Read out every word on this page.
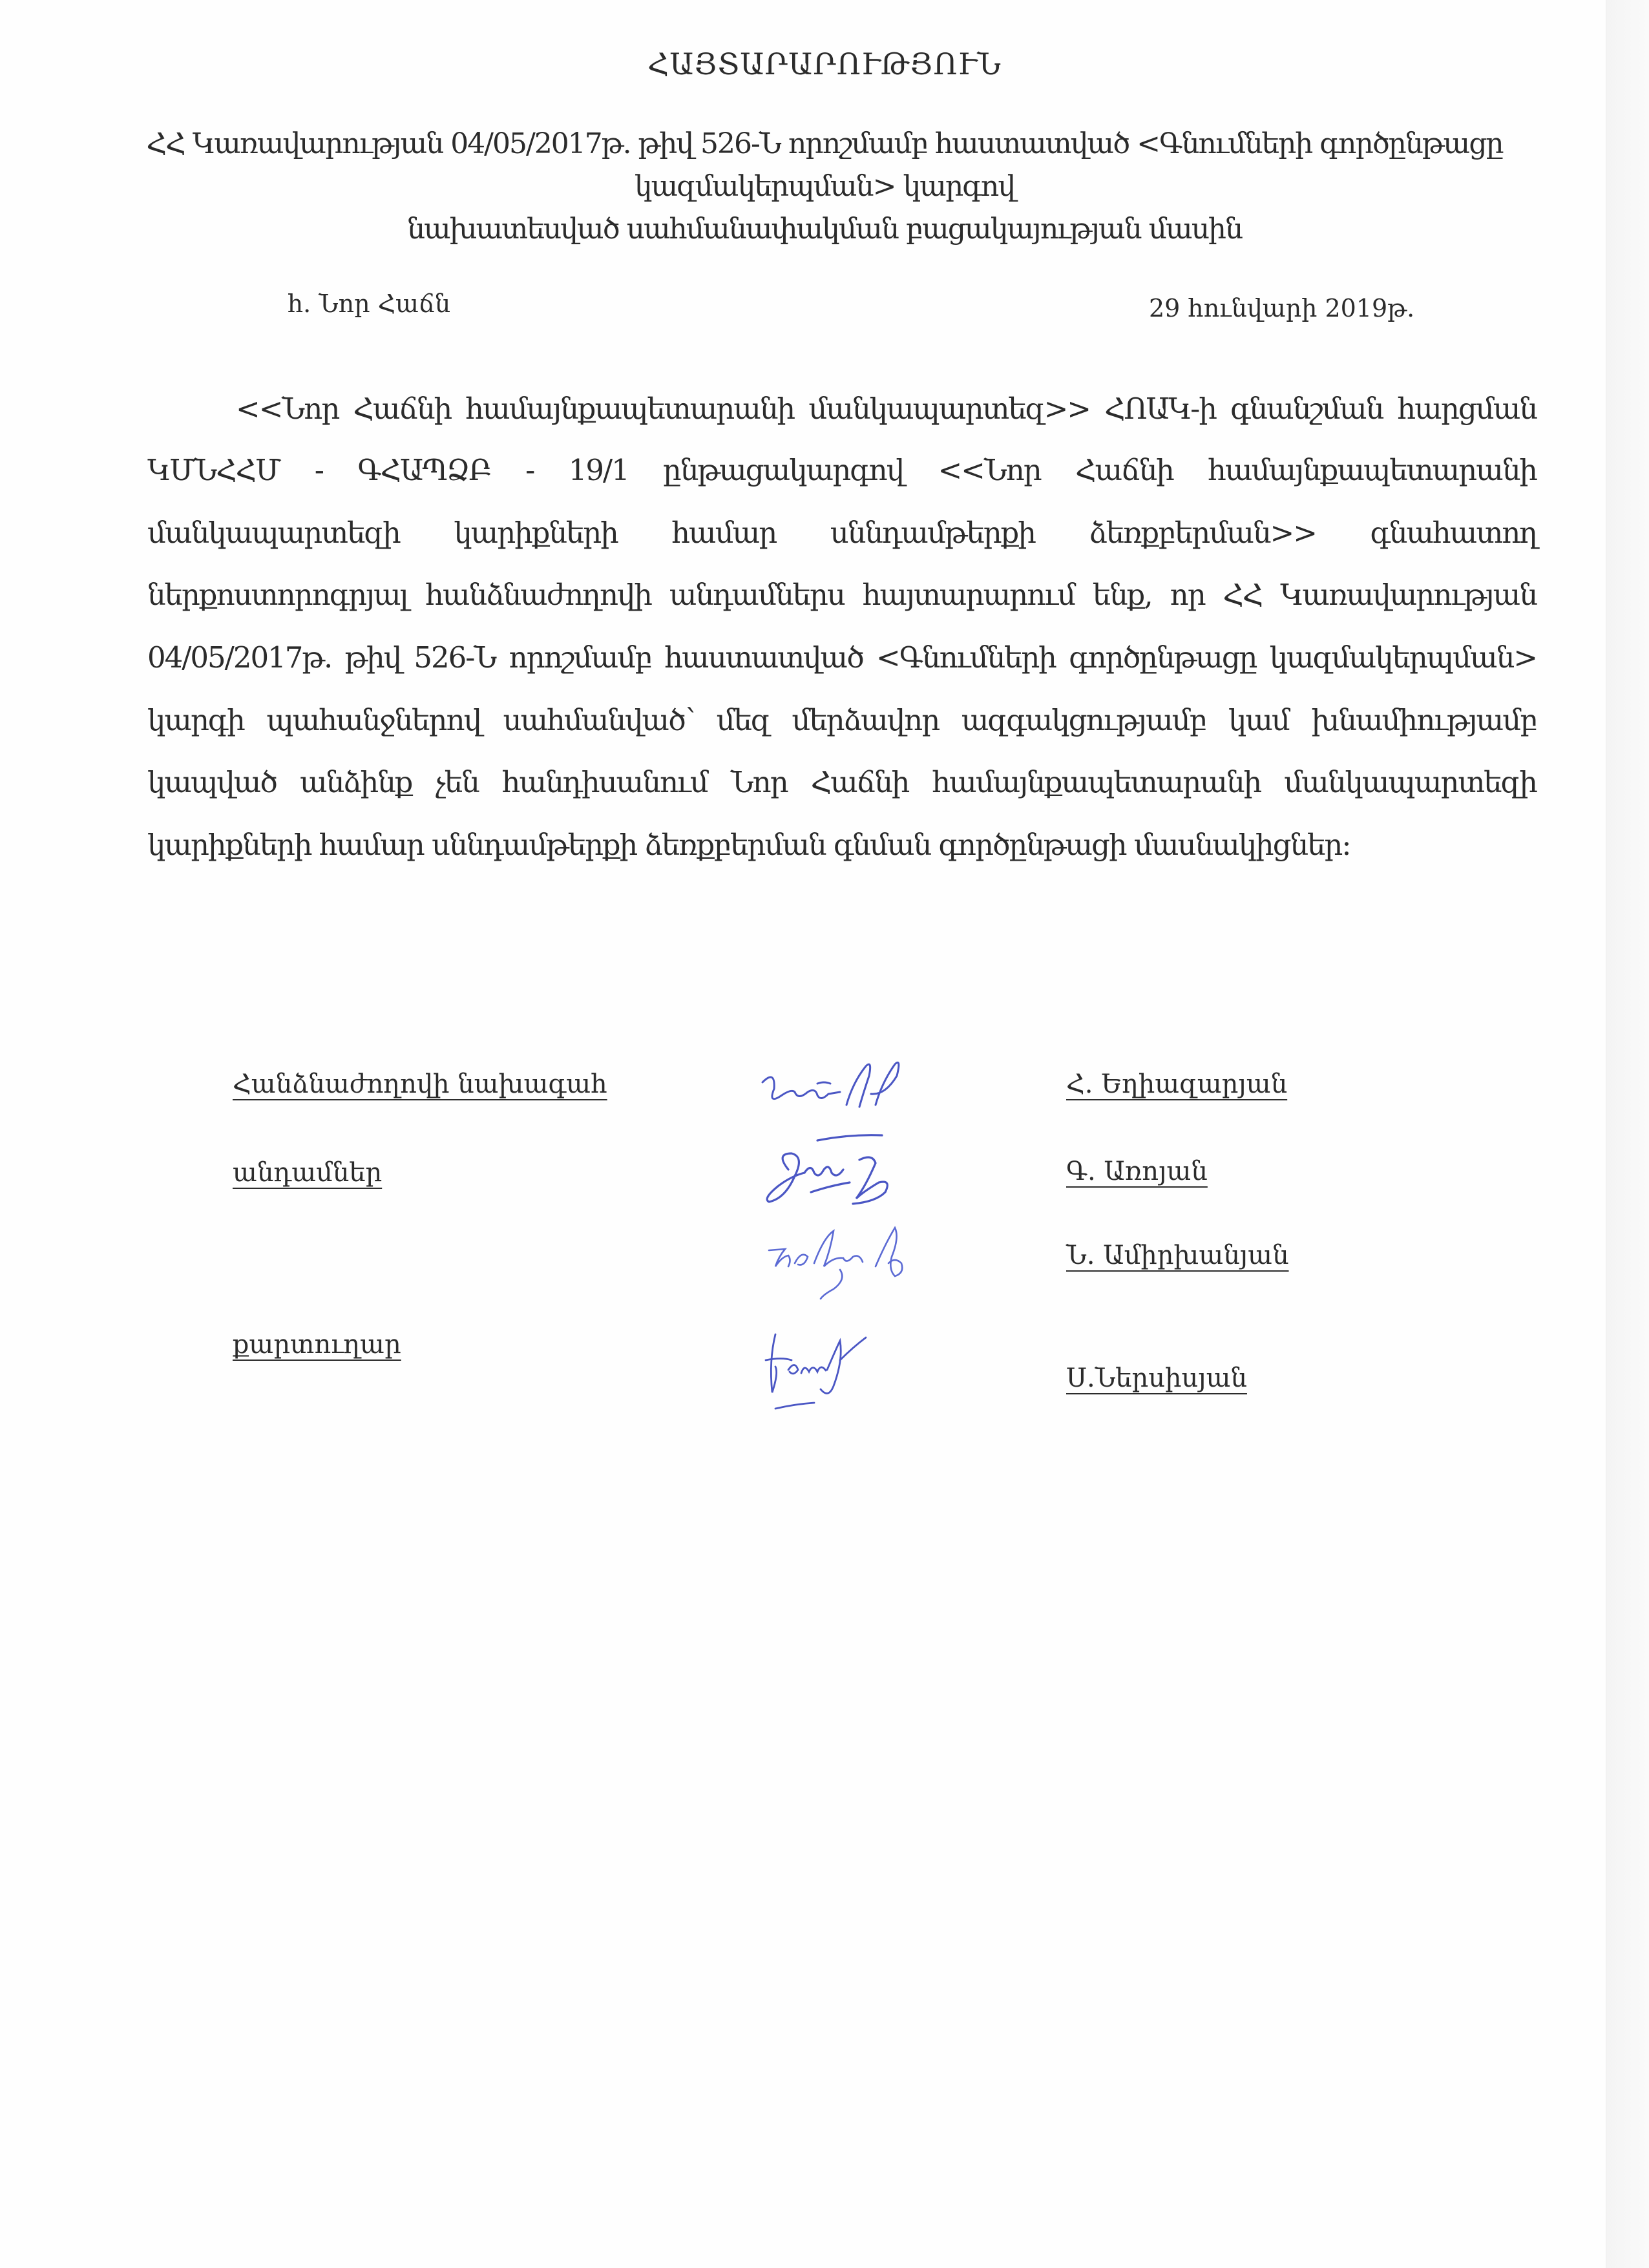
ՀԱՅՏԱՐԱՐՈՒԹՅՈՒՆ
ՀՀ Կառավարության 04/05/2017թ. թիվ 526-Ն որոշմամբ հաստատված <Գնումների գործընթացը
կազմակերպման> կարգով
նախատեսված սահմանափակման բացակայության մասին
հ. Նոր Հաճն	29 հունվարի 2019թ.
<<Նոր Հաճնի համայնքապետարանի մանկապարտեզ>> ՀՈԱԿ-ի գնանշման հարցման
ԿՄՆՀՀՄ - ԳՀԱՊՁԲ - 19/1 ընթացակարգով <<Նոր Հաճնի համայնքապետարանի
մանկապարտեզի կարիքների համար սննդամթերքի ձեռքբերման>> գնահատող
ներքոստորոգրյալ հանձնաժողովի անդամներս հայտարարում ենք, որ ՀՀ Կառավարության
04/05/2017թ. թիվ 526-Ն որոշմամբ հաստատված <Գնումների գործընթացը կազմակերպման>
կարգի պահանջներով սահմանված՝ մեզ մերձավոր ազգակցությամբ կամ խնամիությամբ
կապված անձինք չեն հանդիսանում Նոր Հաճնի համայնքապետարանի մանկապարտեզի
կարիքների համար սննդամթերքի ձեռքբերման գնման գործընթացի մասնակիցներ:
Հանձնաժողովի նախագահ
անդամներ
քարտուղար
Հ. Եղիազարյան
Գ. Առոյան
Ն. Ամիրխանյան
Ս.Ներսիսյան
